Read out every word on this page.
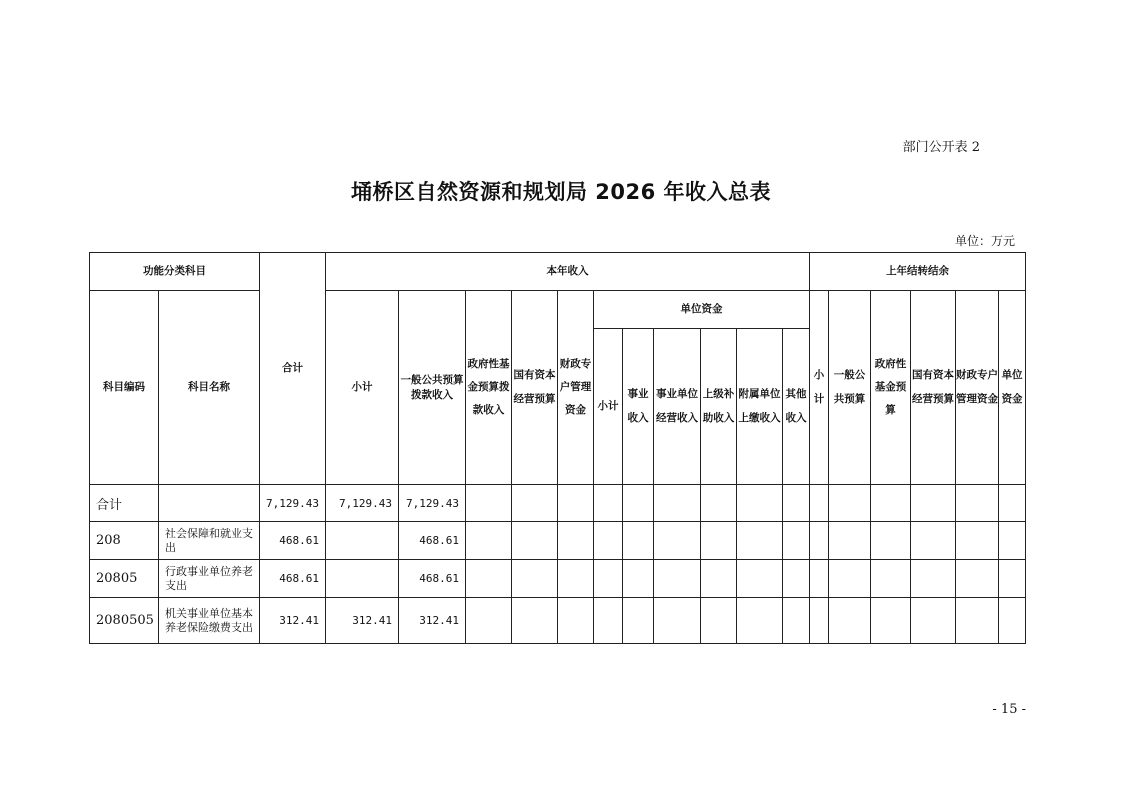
部门公开表 2
埇桥区自然资源和规划局 2026 年收入总表
单位：万元
功能分类科目		合计	本年收入											上年结转结余					
科目编码	科目名称		小计	一般公共预算拨款收入	政府性基金预算拨款收入	国有资本经营预算	财政专户管理资金	单位资金						小计	一般公共预算	政府性基金预算	国有资本经营预算	财政专户管理资金	单位资金
								小计	事业收入	事业单位经营收入	上级补助收入	附属单位上缴收入	其他收入						
合计		7,129.43	7,129.43	7,129.43															
208	社会保障和就业支出	468.61		468.61															
20805	行政事业单位养老支出	468.61		468.61															
2080505	机关事业单位基本养老保险缴费支出	312.41	312.41	312.41															
- 15 -
